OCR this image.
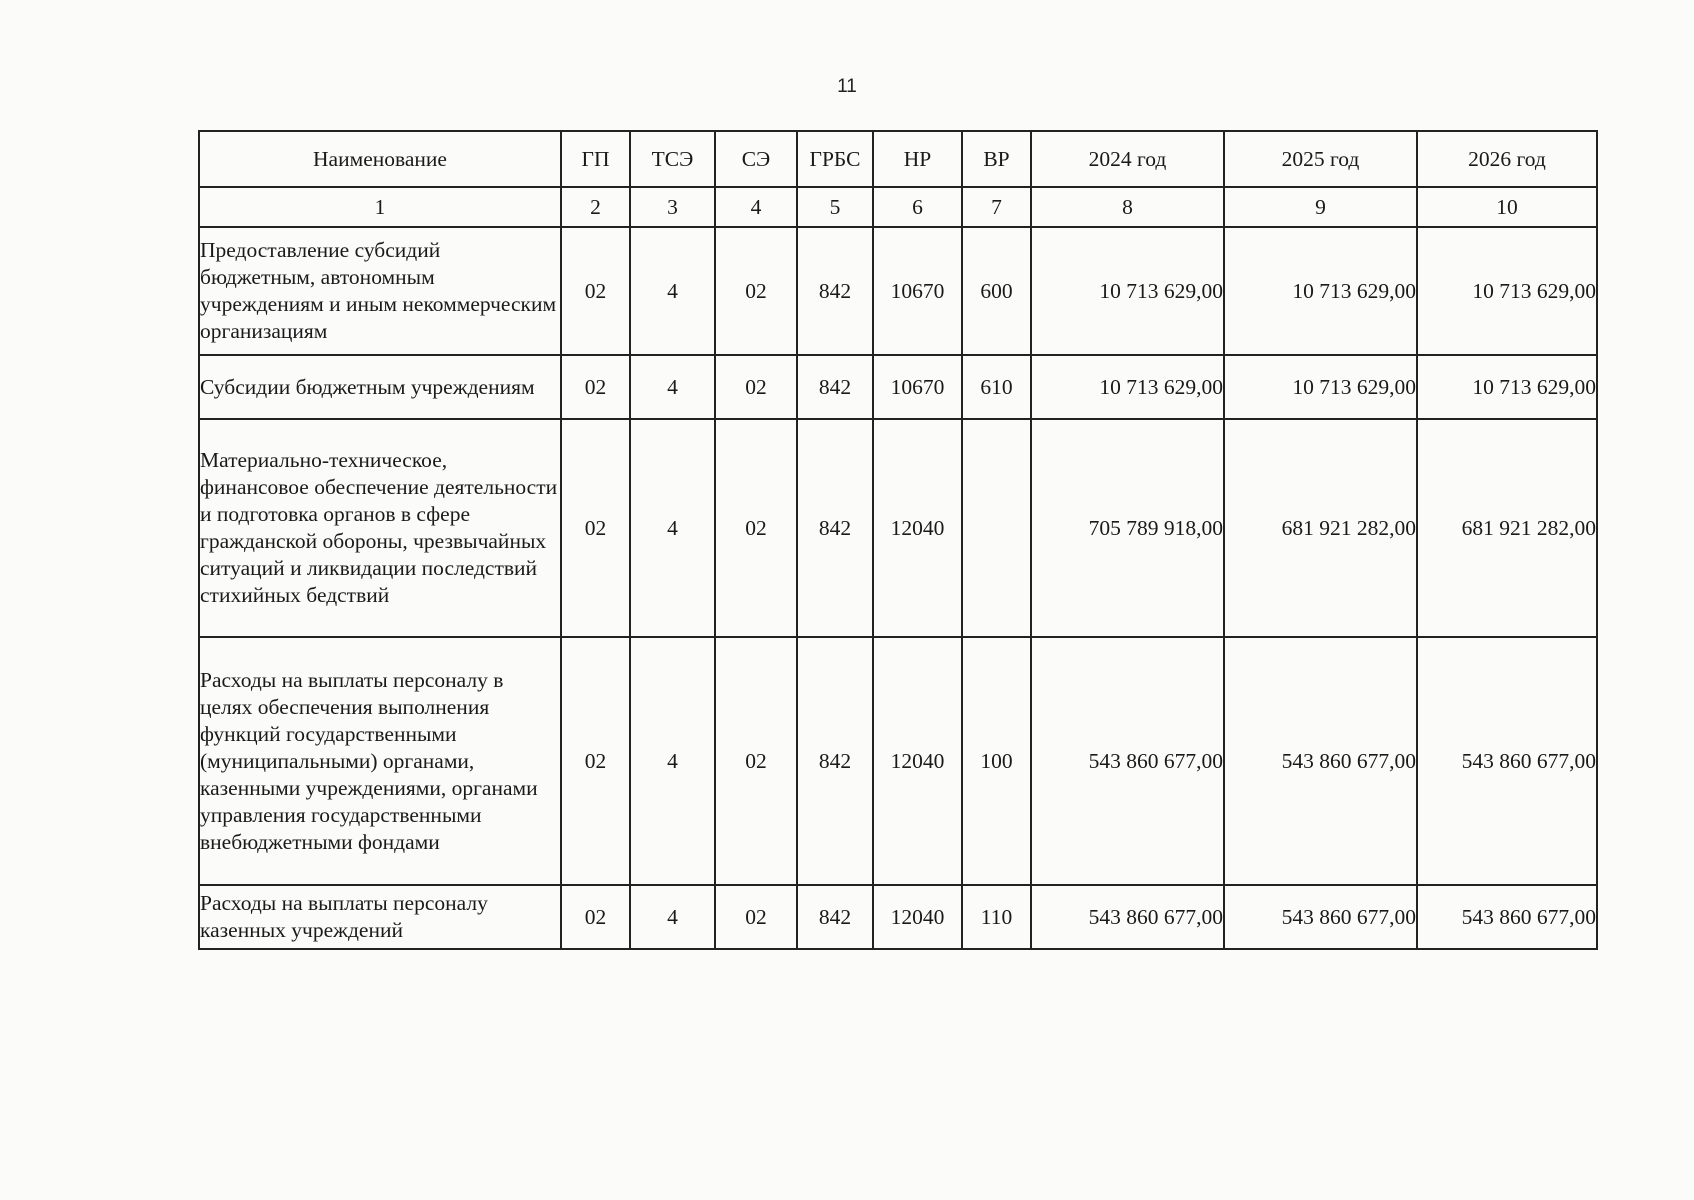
11
Наименование	ГП	ТСЭ	СЭ	ГРБС	НР	ВР	2024 год	2025 год	2026 год
1	2	3	4	5	6	7	8	9	10
Предоставление субсидий бюджетным, автономным учреждениям и иным некоммерческим организациям	02	4	02	842	10670	600	10 713 629,00	10 713 629,00	10 713 629,00
Субсидии бюджетным учреждениям	02	4	02	842	10670	610	10 713 629,00	10 713 629,00	10 713 629,00
Материально-техническое, финансовое обеспечение деятельности и подготовка органов в сфере гражданской обороны, чрезвычайных ситуаций и ликвидации последствий стихийных бедствий	02	4	02	842	12040		705 789 918,00	681 921 282,00	681 921 282,00
Расходы на выплаты персоналу в целях обеспечения выполнения функций государственными (муниципальными) органами, казенными учреждениями, органами управления государственными внебюджетными фондами	02	4	02	842	12040	100	543 860 677,00	543 860 677,00	543 860 677,00
Расходы на выплаты персоналу казенных учреждений	02	4	02	842	12040	110	543 860 677,00	543 860 677,00	543 860 677,00
